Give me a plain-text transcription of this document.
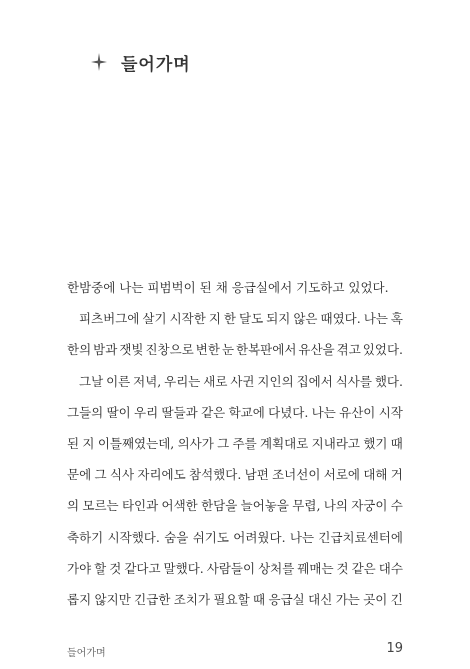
들어가며
한밤중에 나는 피범벅이 된 채 응급실에서 기도하고 있었다.
피츠버그에 살기 시작한 지 한 달도 되지 않은 때였다. 나는 혹
한의 밤과 잿빛 진창으로 변한 눈 한복판에서 유산을 겪고 있었다.
그날 이른 저녁, 우리는 새로 사귄 지인의 집에서 식사를 했다.
그들의 딸이 우리 딸들과 같은 학교에 다녔다. 나는 유산이 시작
된 지 이틀째였는데, 의사가 그 주를 계획대로 지내라고 했기 때
문에 그 식사 자리에도 참석했다. 남편 조너선이 서로에 대해 거
의 모르는 타인과 어색한 한담을 늘어놓을 무렵, 나의 자궁이 수
축하기 시작했다. 숨을 쉬기도 어려웠다. 나는 긴급치료센터에
가야 할 것 같다고 말했다. 사람들이 상처를 꿰매는 것 같은 대수
롭지 않지만 긴급한 조치가 필요할 때 응급실 대신 가는 곳이 긴
들어가며	19
